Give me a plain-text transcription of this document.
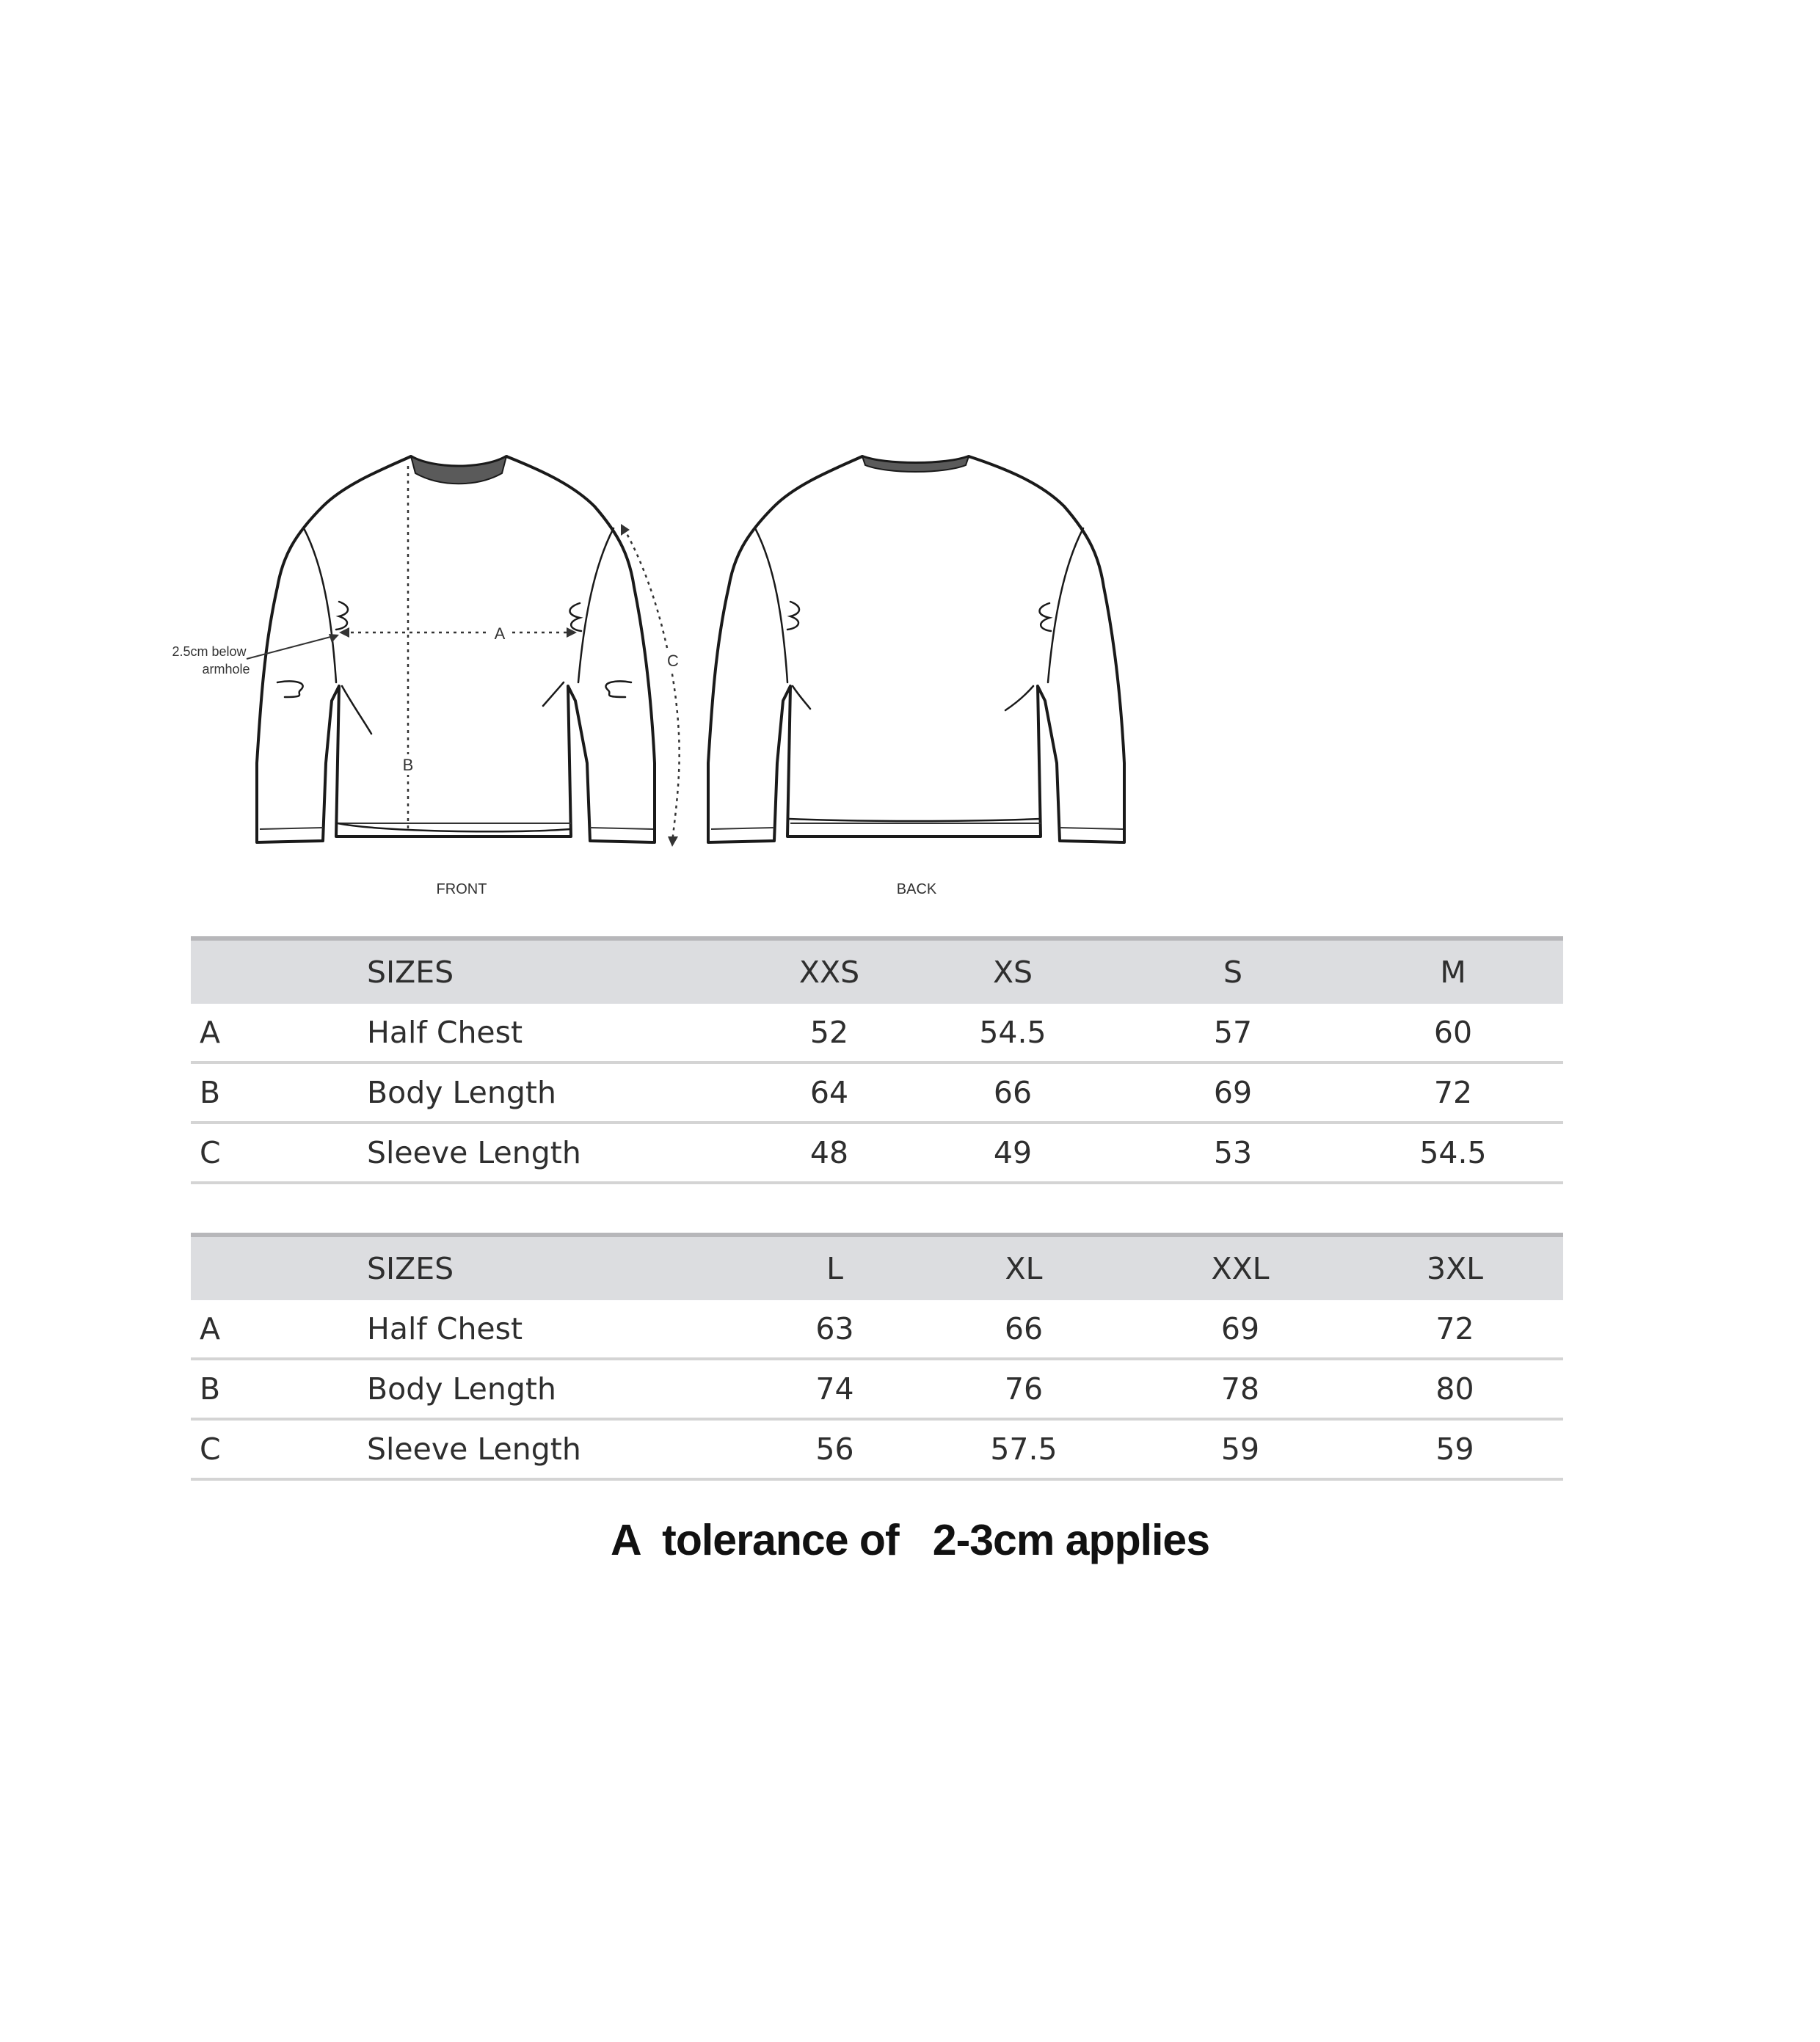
A
B
C
2.5cm below
armhole
FRONT	BACK
	SIZES	XXS	XS	S	M
A	Half Chest	52	54.5	57	60
B	Body Length	64	66	69	72
C	Sleeve Length	48	49	53	54.5
	SIZES	L	XL	XXL	3XL
A	Half Chest	63	66	69	72
B	Body Length	74	76	78	80
C	Sleeve Length	56	57.5	59	59
A  tolerance of   2-3cm applies
